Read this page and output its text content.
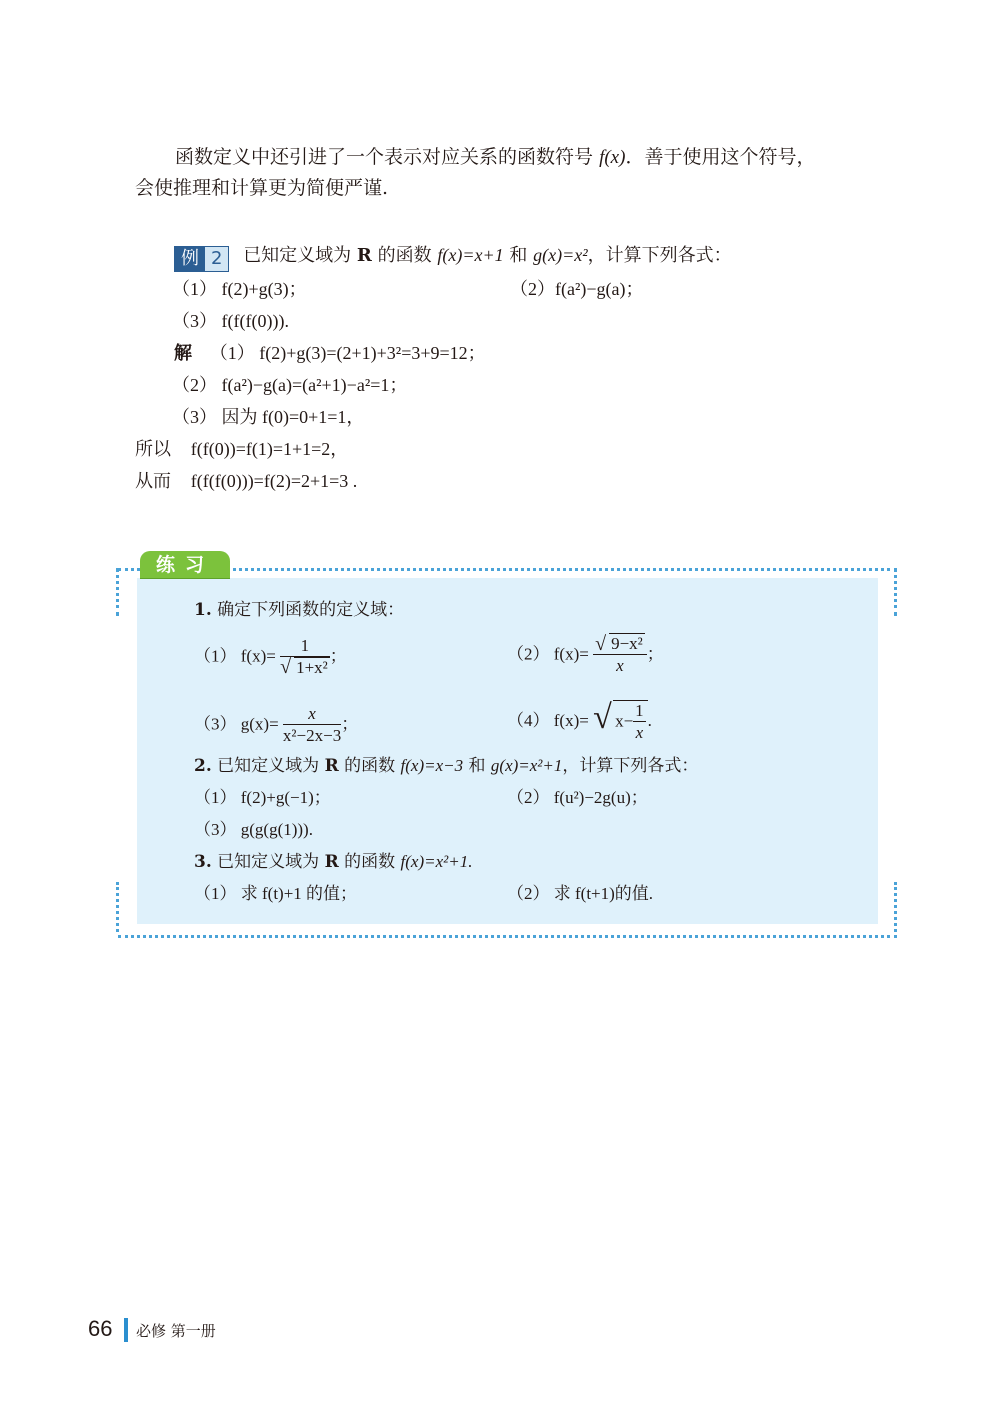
函数定义中还引进了一个表示对应关系的函数符号 f(x)．善于使用这个符号，
会使推理和计算更为简便严谨.
例 2	已知定义域为 R 的函数 f(x)=x+1 和 g(x)=x²，计算下列各式：
（1） f(2)+g(3)；	（2）f(a²)−g(a)；
（3） f(f(f(0))).
解 （1） f(2)+g(3)=(2+1)+3²=3+9=12；
（2） f(a²)−g(a)=(a²+1)−a²=1；
（3） 因为 f(0)=0+1=1，
所以 f(f(0))=f(1)=1+1=2，
从而 f(f(f(0)))=f(2)=2+1=3 .
练习
1. 确定下列函数的定义域：
（1） $f(x)= \frac{1}{\text{√ 1+x²}}$ ；	（2） $f(x)= \frac{\text{√ 9−x²}}{x}$ ；
（3） $g(x)= \frac{x}{\text{x²−2x−3}}$ ；	（4） f(x)= √ $x- \frac{1}{x}$ .
2. 已知定义域为 R 的函数 f(x)=x−3 和 g(x)=x²+1，计算下列各式：
（1） f(2)+g(−1)；	（2） f(u²)−2g(u)；
（3） g(g(g(1))).
3. 已知定义域为 R 的函数 f(x)=x²+1.
（1） 求 f(t)+1 的值；	（2） 求 f(t+1)的值.
66 必修 第一册
